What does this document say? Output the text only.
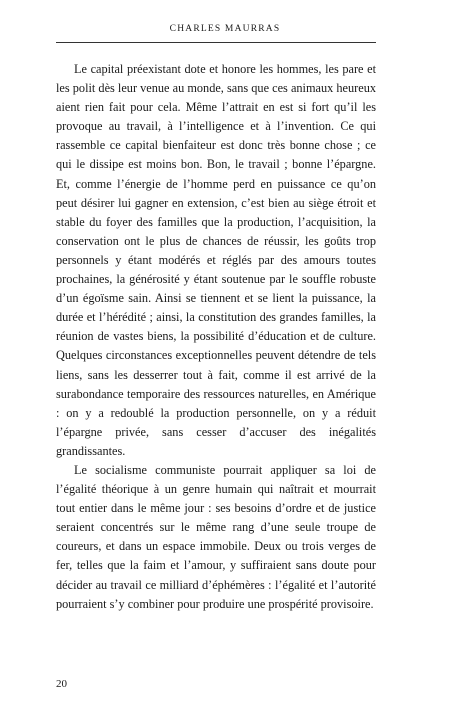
CHARLES MAURRAS

Le capital préexistant dote et honore les hommes, les pare et les polit dès leur venue au monde, sans que ces animaux heureux aient rien fait pour cela. Même l’attrait en est si fort qu’il les provoque au travail, à l’intelligence et à l’invention. Ce qui rassemble ce capital bienfaiteur est donc très bonne chose ; ce qui le dissipe est moins bon. Bon, le travail ; bonne l’épargne. Et, comme l’énergie de l’homme perd en puissance ce qu’on peut désirer lui gagner en extension, c’est bien au siège étroit et stable du foyer des familles que la production, l’acquisition, la conservation ont le plus de chances de réussir, les goûts trop personnels y étant modérés et réglés par des amours toutes prochaines, la générosité y étant soutenue par le souffle robuste d’un égoïsme sain. Ainsi se tiennent et se lient la puissance, la durée et l’hérédité ; ainsi, la constitution des grandes familles, la réunion de vastes biens, la possibilité d’éducation et de culture. Quelques circonstances exceptionnelles peuvent détendre de tels liens, sans les desserrer tout à fait, comme il est arrivé de la surabondance temporaire des ressources naturelles, en Amérique : on y a redoublé la production personnelle, on y a réduit l’épargne privée, sans cesser d’accuser des inégalités grandissantes.

Le socialisme communiste pourrait appliquer sa loi de l’égalité théorique à un genre humain qui naîtrait et mourrait tout entier dans le même jour : ses besoins d’ordre et de justice seraient concentrés sur le même rang d’une seule troupe de coureurs, et dans un espace immobile. Deux ou trois verges de fer, telles que la faim et l’amour, y suffiraient sans doute pour décider au travail ce milliard d’éphémères : l’égalité et l’autorité pourraient s’y combiner pour produire une prospérité provisoire.

20
